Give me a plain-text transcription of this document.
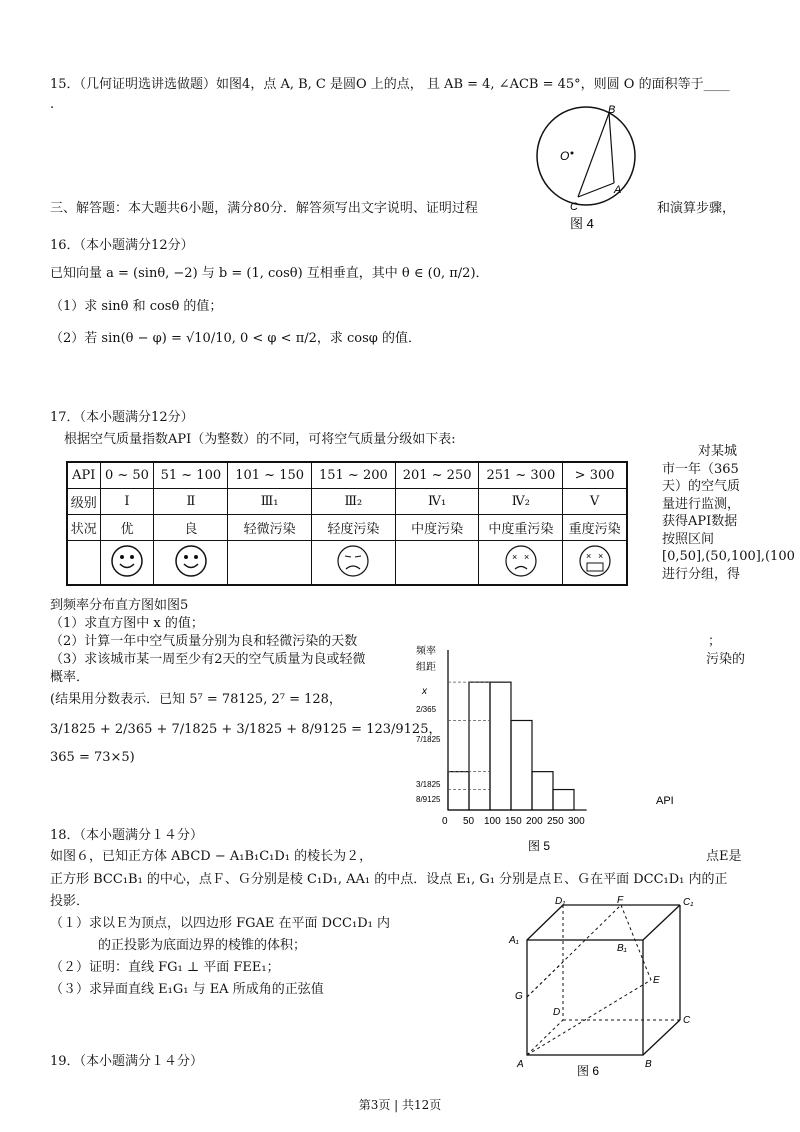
15．（几何证明选讲选做题）如图4，点 A, B, C 是圆O 上的点， 且 AB = 4, ∠ACB = 45°，则圆 O 的面积等于____
.
O
B
A
C
图 4
三、解答题：本大题共6小题，满分80分．解答须写出文字说明、证明过程	和演算步骤，
16．（本小题满分12分）
已知向量 a = (sinθ, −2) 与 b = (1, cosθ) 互相垂直，其中 θ ∈ (0, π/2)．
（1）求 sinθ 和 cosθ 的值；
（2）若 sin(θ − φ) = √10/10, 0 < φ < π/2，求 cosφ 的值．
17．（本小题满分12分）
根据空气质量指数API（为整数）的不同，可将空气质量分级如下表:
对某城
市一年（365
天）的空气质
量进行监测，
获得API数据
按照区间
[0,50],(50,100],(100
进行分组，得
API	0 ~ 50	51 ~ 100	101 ~ 150	151 ~ 200	201 ~ 250	251 ~ 300	> 300
级别	Ⅰ	Ⅱ	Ⅲ₁	Ⅲ₂	Ⅳ₁	Ⅳ₂	Ⅴ
状况	优	良	轻微污染	轻度污染	中度污染	中度重污染	重度污染

× ×	× ×
到频率分布直方图如图5
（1）求直方图中 x 的值；
（2）计算一年中空气质量分别为良和轻微污染的天数	；
（3）求该城市某一周至少有2天的空气质量为良或轻微	污染的
概率．
(结果用分数表示．已知 5⁷ = 78125, 2⁷ = 128，
3/1825 + 2/365 + 7/1825 + 3/1825 + 8/9125 = 123/9125，
365 = 73×5)
频率
组距
x
2/365
7/1825
3/1825
8/9125	API
图 5
0 50 100 150 200 250 300
18．（本小题满分１４分）
如图６，已知正方体 ABCD − A₁B₁C₁D₁ 的棱长为２，	点E是
正方形 BCC₁B₁ 的中心，点Ｆ、Ｇ分别是棱 C₁D₁, AA₁ 的中点．设点 E₁, G₁ 分别是点Ｅ、Ｇ在平面 DCC₁D₁ 内的正
投影．
（１）求以Ｅ为顶点，以四边形 FGAE 在平面 DCC₁D₁ 内
的正投影为底面边界的棱锥的体积；
（２）证明：直线 FG₁ ⊥ 平面 FEE₁；
（３）求异面直线 E₁G₁ 与 EA 所成角的正弦值
D₁	F	C₁
A₁
B₁
E
G
D
C
A	B
图 6
19．（本小题满分１４分）
第3页 | 共12页
